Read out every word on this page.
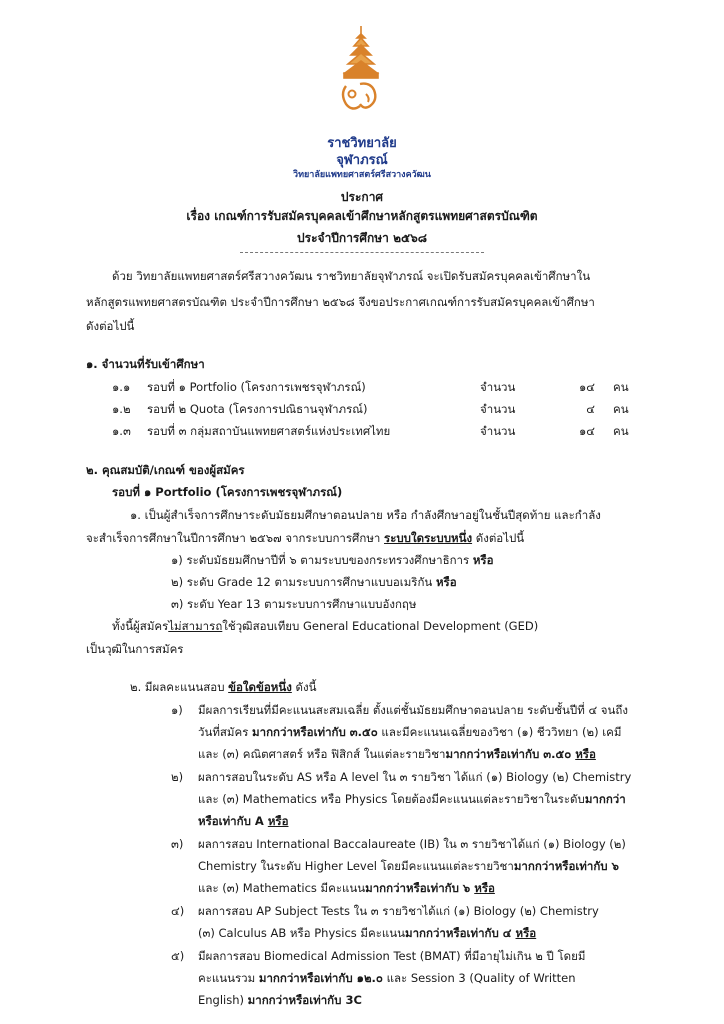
ราชวิทยาลัย
จุฬาภรณ์
วิทยาลัยแพทยศาสตร์ศรีสวางควัฒน
ประกาศ
เรื่อง เกณฑ์การรับสมัครบุคคลเข้าศึกษาหลักสูตรแพทยศาสตรบัณฑิต
ประจำปีการศึกษา ๒๕๖๘
ด้วย วิทยาลัยแพทยศาสตร์ศรีสวางควัฒน ราชวิทยาลัยจุฬาภรณ์ จะเปิดรับสมัครบุคคลเข้าศึกษาใน
หลักสูตรแพทยศาสตรบัณฑิต ประจำปีการศึกษา ๒๕๖๘ จึงขอประกาศเกณฑ์การรับสมัครบุคคลเข้าศึกษา
ดังต่อไปนี้
๑. จำนวนที่รับเข้าศึกษา
๑.๑ รอบที่ ๑ Portfolio (โครงการเพชรจุฬาภรณ์)	จำนวน	๑๔ คน
๑.๒ รอบที่ ๒ Quota (โครงการปณิธานจุฬาภรณ์)	จำนวน	๔ คน
๑.๓ รอบที่ ๓ กลุ่มสถาบันแพทยศาสตร์แห่งประเทศไทย	จำนวน	๑๔ คน
๒. คุณสมบัติ/เกณฑ์ ของผู้สมัคร
รอบที่ ๑ Portfolio (โครงการเพชรจุฬาภรณ์)
๑. เป็นผู้สำเร็จการศึกษาระดับมัธยมศึกษาตอนปลาย หรือ กำลังศึกษาอยู่ในชั้นปีสุดท้าย และกำลัง
จะสำเร็จการศึกษาในปีการศึกษา ๒๕๖๗ จากระบบการศึกษา ระบบใดระบบหนึ่ง ดังต่อไปนี้
๑) ระดับมัธยมศึกษาปีที่ ๖ ตามระบบของกระทรวงศึกษาธิการ หรือ
๒) ระดับ Grade 12 ตามระบบการศึกษาแบบอเมริกัน หรือ
๓) ระดับ Year 13 ตามระบบการศึกษาแบบอังกฤษ
ทั้งนี้ผู้สมัครไม่สามารถใช้วุฒิสอบเทียบ General Educational Development (GED)
เป็นวุฒิในการสมัคร
๒. มีผลคะแนนสอบ ข้อใดข้อหนึ่ง ดังนี้
๑) มีผลการเรียนที่มีคะแนนสะสมเฉลี่ย ตั้งแต่ชั้นมัธยมศึกษาตอนปลาย ระดับชั้นปีที่ ๔ จนถึง
วันที่สมัคร มากกว่าหรือเท่ากับ ๓.๕๐ และมีคะแนนเฉลี่ยของวิชา (๑) ชีววิทยา (๒) เคมี
และ (๓) คณิตศาสตร์ หรือ ฟิสิกส์ ในแต่ละรายวิชามากกว่าหรือเท่ากับ ๓.๕๐ หรือ
๒) ผลการสอบในระดับ AS หรือ A level ใน ๓ รายวิชา ได้แก่ (๑) Biology (๒) Chemistry
และ (๓) Mathematics หรือ Physics โดยต้องมีคะแนนแต่ละรายวิชาในระดับมากกว่า
หรือเท่ากับ A หรือ
๓) ผลการสอบ International Baccalaureate (IB) ใน ๓ รายวิชาได้แก่ (๑) Biology (๒)
Chemistry ในระดับ Higher Level โดยมีคะแนนแต่ละรายวิชามากกว่าหรือเท่ากับ ๖
และ (๓) Mathematics มีคะแนนมากกว่าหรือเท่ากับ ๖ หรือ
๔) ผลการสอบ AP Subject Tests ใน ๓ รายวิชาได้แก่ (๑) Biology (๒) Chemistry
(๓) Calculus AB หรือ Physics มีคะแนนมากกว่าหรือเท่ากับ ๔ หรือ
๕) มีผลการสอบ Biomedical Admission Test (BMAT) ที่มีอายุไม่เกิน ๒ ปี โดยมี
คะแนนรวม มากกว่าหรือเท่ากับ ๑๒.๐ และ Session 3 (Quality of Written
English) มากกว่าหรือเท่ากับ 3C
